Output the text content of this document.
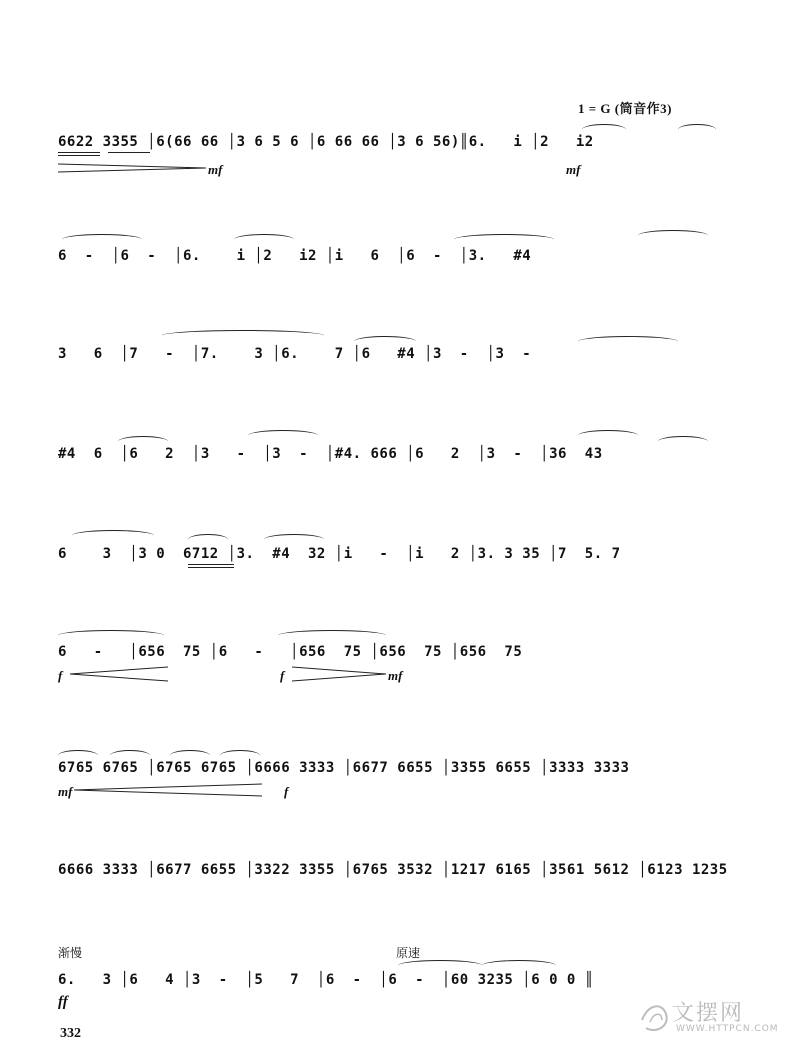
1 = G (筒音作3)
6622 3355 │6(66 66 │3 6 5 6 │6 66 66 │3 6 56)║6.   i │2   i2
mf	mf
6  -  │6  -  │6.    i │2   i2 │i   6  │6  -  │3.   #4
3   6  │7   -  │7.    3 │6.    7 │6   #4 │3  -  │3  -
#4  6  │6   2  │3   -  │3  -  │#4. 666 │6   2  │3  -  │36  43
6    3  │3 0  6712 │3.  #4  32 │i   -  │i   2 │3. 3 35 │7  5. 7
6   -   │656  75 │6   -   │656  75 │656  75 │656  75
f	f	mf
6765 6765 │6765 6765 │6666 3333 │6677 6655 │3355 6655 │3333 3333
mf	f
6666 3333 │6677 6655 │3322 3355 │6765 3532 │1217 6165 │3561 5612 │6123 1235
渐慢	原速
6.   3 │6   4 │3  -  │5   7  │6  -  │6  -  │60 3235 │6 0 0 ║
ff
332
文摆网
WWW.HTTPCN.COM
